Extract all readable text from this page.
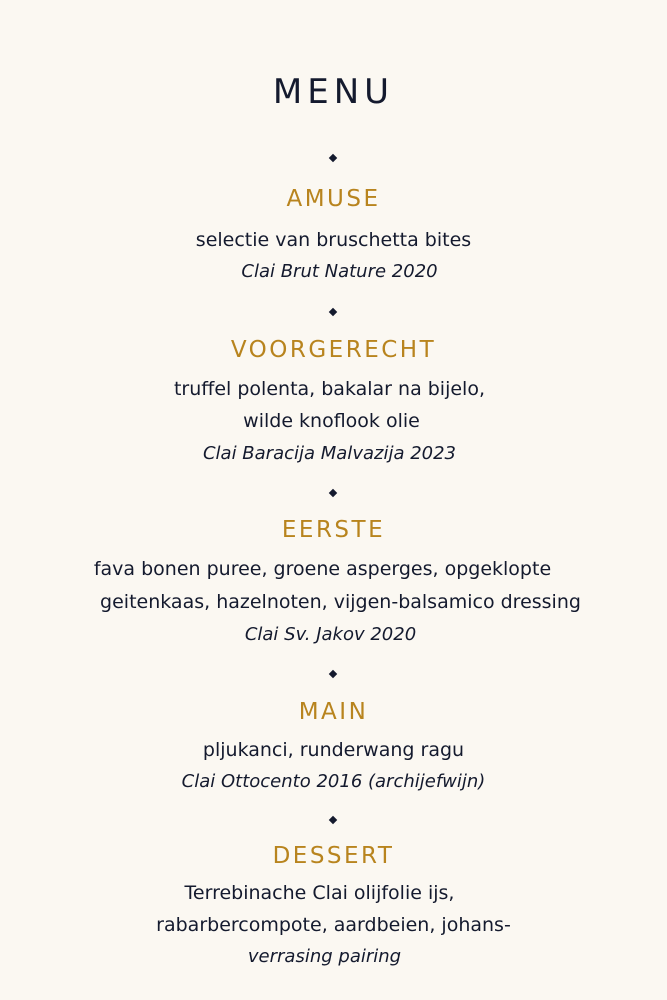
MENU
AMUSE
selectie van bruschetta bites
Clai Brut Nature 2020
VOORGERECHT
truffel polenta, bakalar na bijelo,
wilde knoflook olie
Clai Baracija Malvazija 2023
EERSTE
fava bonen puree, groene asperges, opgeklopte
geitenkaas, hazelnoten, vijgen-balsamico dressing
Clai Sv. Jakov 2020
MAIN
pljukanci, runderwang ragu
Clai Ottocento 2016 (archijefwijn)
DESSERT
Terrebinache Clai olijfolie ijs,
rabarbercompote, aardbeien, johans-
verrasing pairing
